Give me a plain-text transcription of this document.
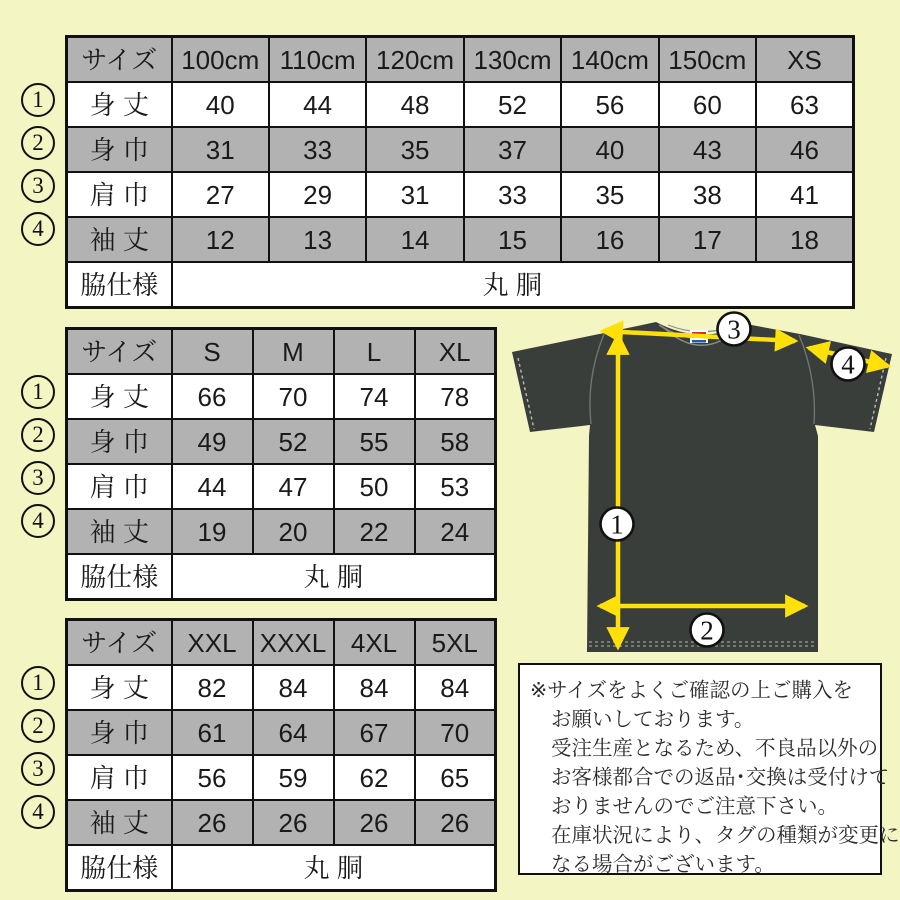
サイズ	100cm	110cm	120cm	130cm	140cm	150cm	XS
身 丈	40	44	48	52	56	60	63
身 巾	31	33	35	37	40	43	46
肩 巾	27	29	31	33	35	38	41
袖 丈	12	13	14	15	16	17	18
脇仕様	丸 胴						
サイズ	S	M	L	XL
身 丈	66	70	74	78
身 巾	49	52	55	58
肩 巾	44	47	50	53
袖 丈	19	20	22	24
脇仕様	丸 胴			
サイズ	XXL	XXXL	4XL	5XL
身 丈	82	84	84	84
身 巾	61	64	67	70
肩 巾	56	59	62	65
袖 丈	26	26	26	26
脇仕様	丸 胴			
1
2
3
4
※サイズをよくご確認の上ご購入を
お願いしております。
受注生産となるため、不良品以外の
お客様都合での返品･交換は受付けて
おりませんのでご注意下さい。
在庫状況により、タグの種類が変更に
なる場合がございます。
1
2
3
4
1
2
3
4
1
2
3
4
